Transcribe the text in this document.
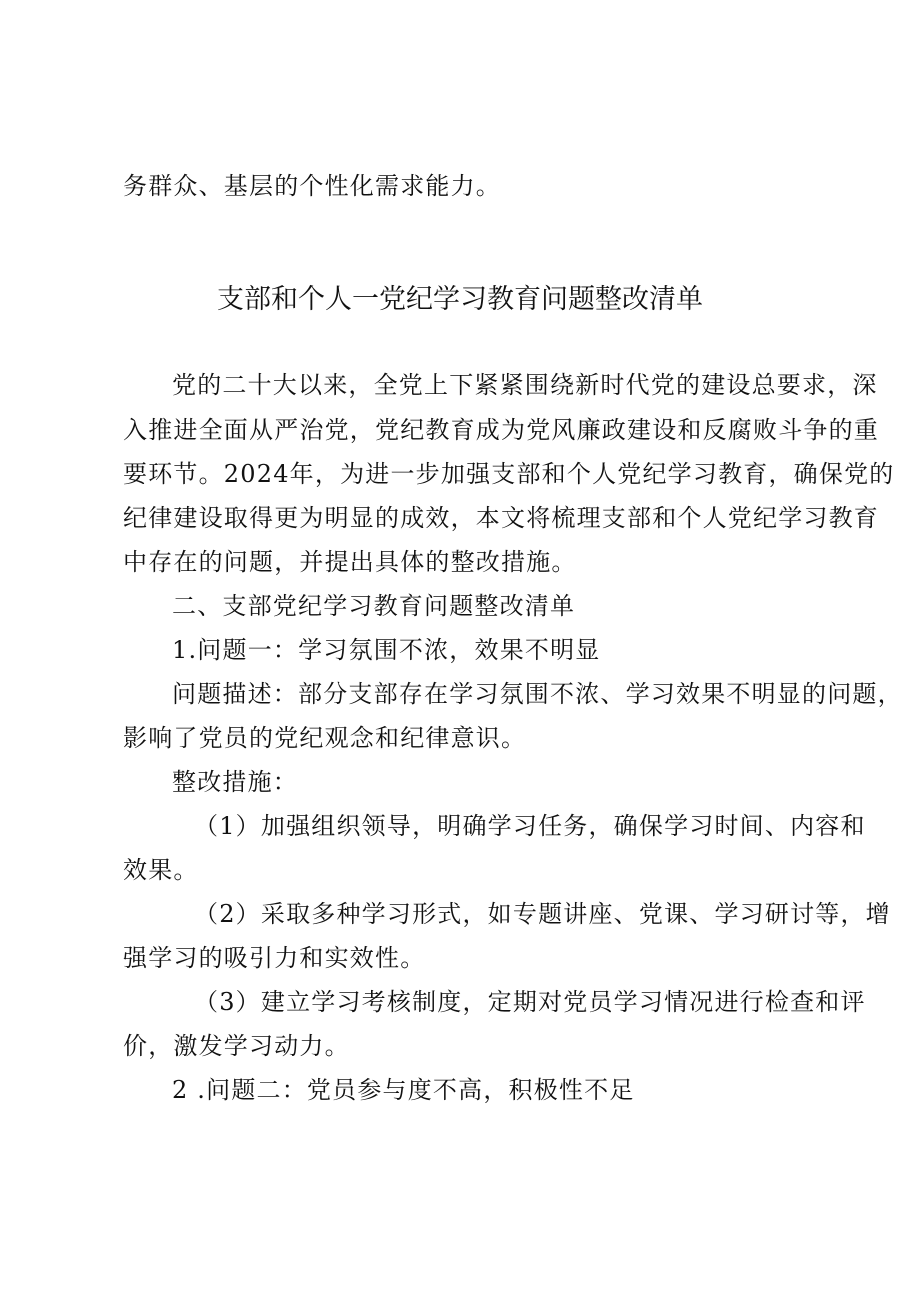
务群众、基层的个性化需求能力。
支部和个人一党纪学习教育问题整改清单
党的二十大以来，全党上下紧紧围绕新时代党的建设总要求，深
入推进全面从严治党，党纪教育成为党风廉政建设和反腐败斗争的重
要环节。2024年，为进一步加强支部和个人党纪学习教育，确保党的
纪律建设取得更为明显的成效，本文将梳理支部和个人党纪学习教育
中存在的问题，并提出具体的整改措施。
二、支部党纪学习教育问题整改清单
1.问题一：学习氛围不浓，效果不明显
问题描述：部分支部存在学习氛围不浓、学习效果不明显的问题，
影响了党员的党纪观念和纪律意识。
整改措施：
（1）加强组织领导，明确学习任务，确保学习时间、内容和
效果。
（2）采取多种学习形式，如专题讲座、党课、学习研讨等，增
强学习的吸引力和实效性。
（3）建立学习考核制度，定期对党员学习情况进行检查和评
价，激发学习动力。
2 .问题二：党员参与度不高，积极性不足
